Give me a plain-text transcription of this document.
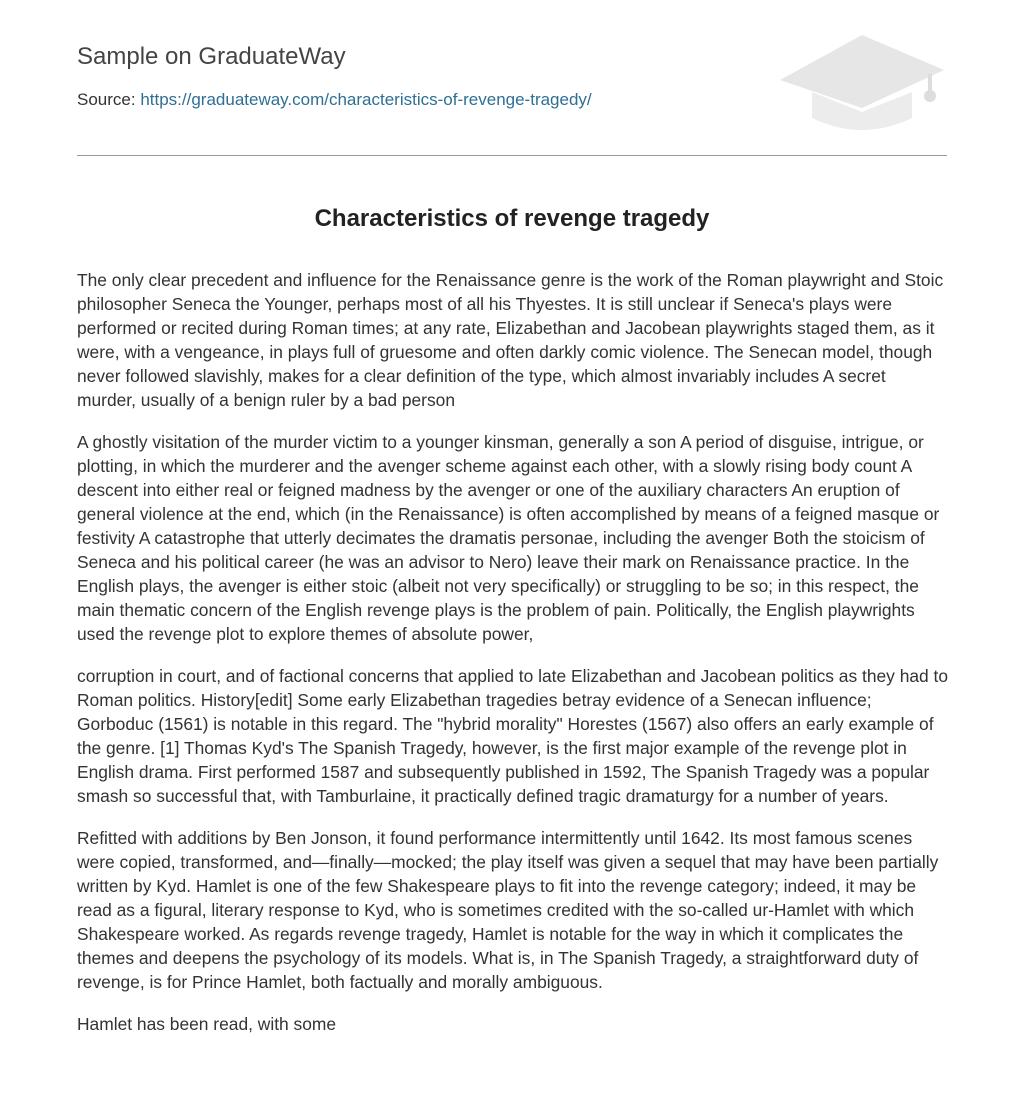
Sample on GraduateWay
Source: https://graduateway.com/characteristics-of-revenge-tragedy/
Characteristics of revenge tragedy

The only clear precedent and influence for the Renaissance genre is the work of the Roman playwright and Stoic philosopher Seneca the Younger, perhaps most of all his Thyestes. It is still unclear if Seneca's plays were performed or recited during Roman times; at any rate, Elizabethan and Jacobean playwrights staged them, as it were, with a vengeance, in plays full of gruesome and often darkly comic violence. The Senecan model, though never followed slavishly, makes for a clear definition of the type, which almost invariably includes A secret murder, usually of a benign ruler by a bad person

A ghostly visitation of the murder victim to a younger kinsman, generally a son A period of disguise, intrigue, or plotting, in which the murderer and the avenger scheme against each other, with a slowly rising body count A descent into either real or feigned madness by the avenger or one of the auxiliary characters An eruption of general violence at the end, which (in the Renaissance) is often accomplished by means of a feigned masque or festivity A catastrophe that utterly decimates the dramatis personae, including the avenger Both the stoicism of Seneca and his political career (he was an advisor to Nero) leave their mark on Renaissance practice. In the English plays, the avenger is either stoic (albeit not very specifically) or struggling to be so; in this respect, the main thematic concern of the English revenge plays is the problem of pain. Politically, the English playwrights used the revenge plot to explore themes of absolute power,

corruption in court, and of factional concerns that applied to late Elizabethan and Jacobean politics as they had to Roman politics. History[edit] Some early Elizabethan tragedies betray evidence of a Senecan influence; Gorboduc (1561) is notable in this regard. The "hybrid morality" Horestes (1567) also offers an early example of the genre. [1] Thomas Kyd's The Spanish Tragedy, however, is the first major example of the revenge plot in English drama. First performed 1587 and subsequently published in 1592, The Spanish Tragedy was a popular smash so successful that, with Tamburlaine, it practically defined tragic dramaturgy for a number of years.

Refitted with additions by Ben Jonson, it found performance intermittently until 1642. Its most famous scenes were copied, transformed, and—finally—mocked; the play itself was given a sequel that may have been partially written by Kyd. Hamlet is one of the few Shakespeare plays to fit into the revenge category; indeed, it may be read as a figural, literary response to Kyd, who is sometimes credited with the so-called ur-Hamlet with which Shakespeare worked. As regards revenge tragedy, Hamlet is notable for the way in which it complicates the themes and deepens the psychology of its models. What is, in The Spanish Tragedy, a straightforward duty of revenge, is for Prince Hamlet, both factually and morally ambiguous.

Hamlet has been read, with some
